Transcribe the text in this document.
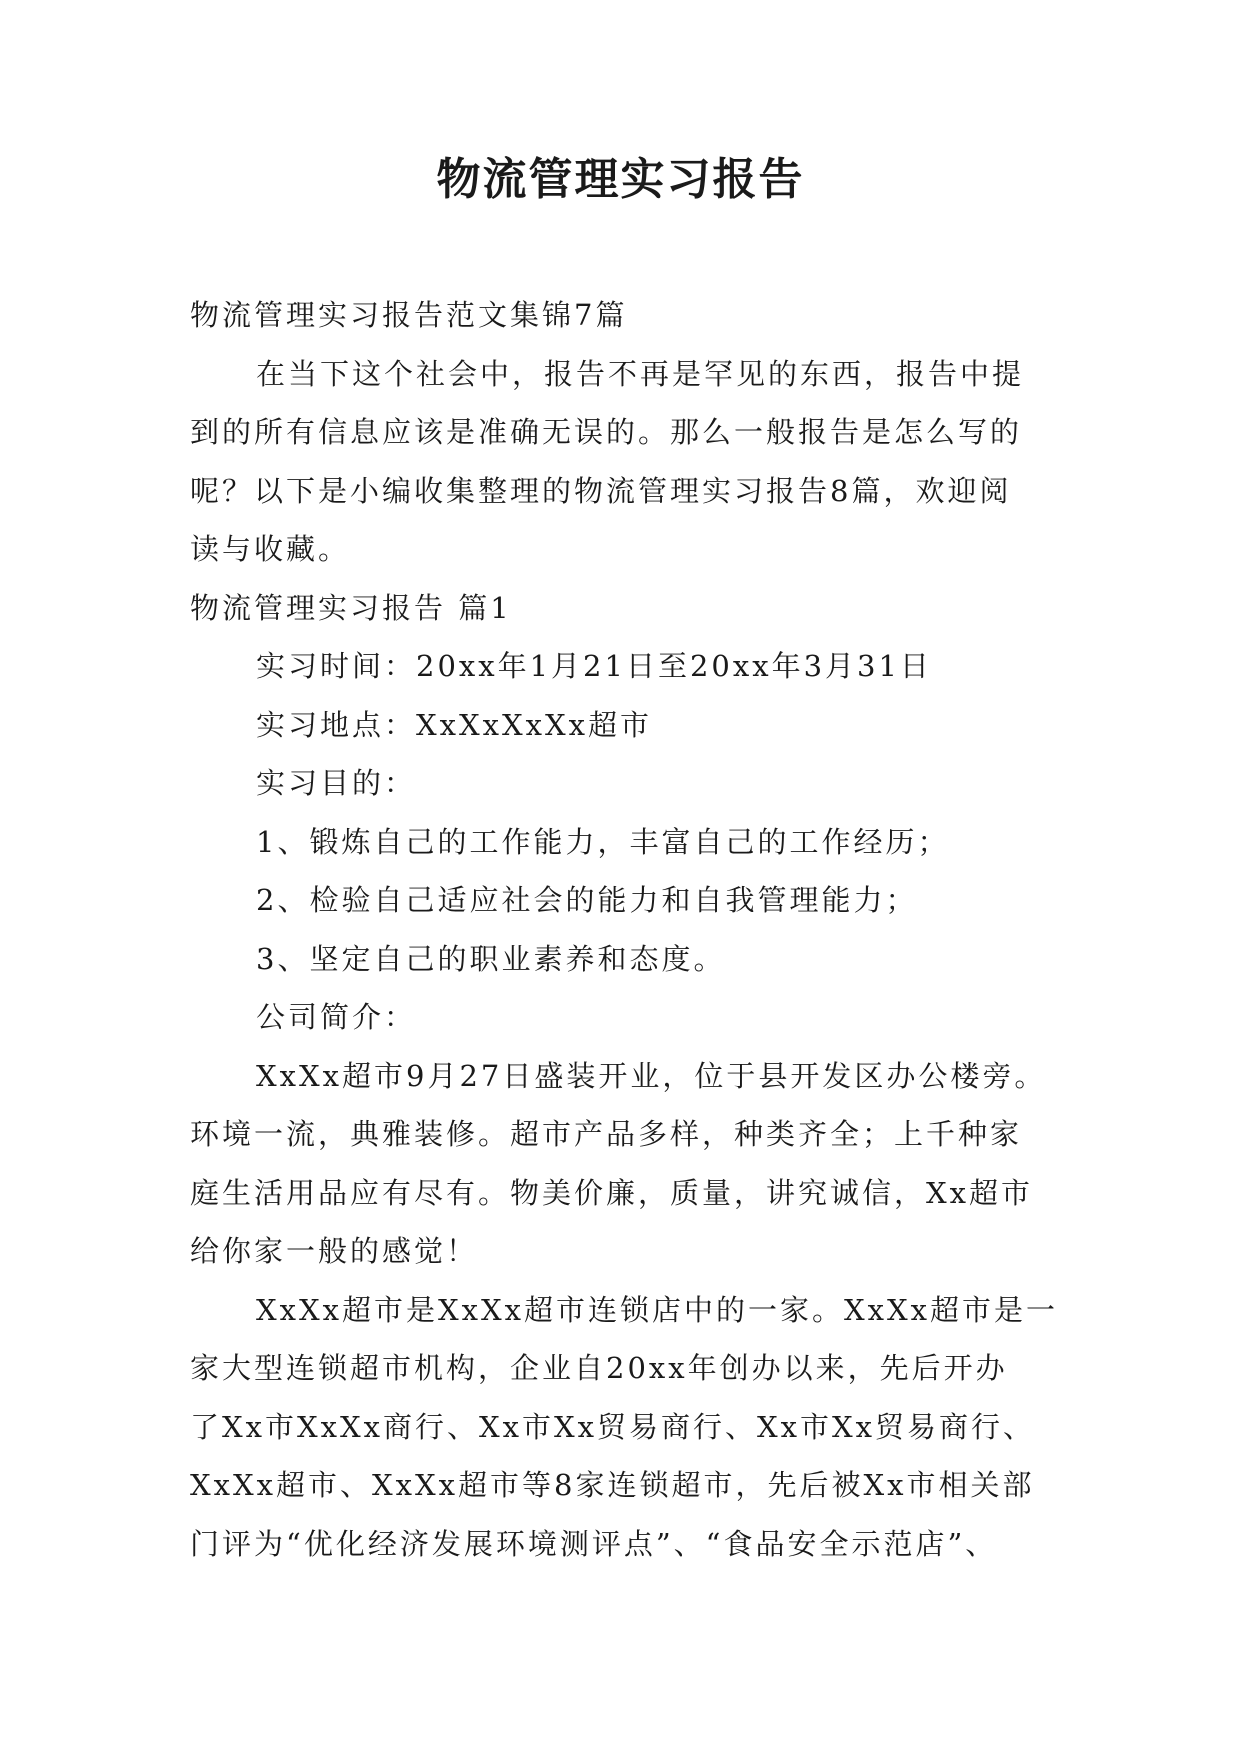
物流管理实习报告

物流管理实习报告范文集锦7篇

在当下这个社会中，报告不再是罕见的东西，报告中提

到的所有信息应该是准确无误的。那么一般报告是怎么写的

呢？以下是小编收集整理的物流管理实习报告8篇，欢迎阅

读与收藏。

物流管理实习报告 篇1

实习时间：20xx年1月21日至20xx年3月31日

实习地点：XxXxXxXx超市

实习目的：

1、锻炼自己的工作能力，丰富自己的工作经历；

2、检验自己适应社会的能力和自我管理能力；

3、坚定自己的职业素养和态度。

公司简介：

XxXx超市9月27日盛装开业，位于县开发区办公楼旁。

环境一流，典雅装修。超市产品多样，种类齐全；上千种家

庭生活用品应有尽有。物美价廉，质量，讲究诚信，Xx超市

给你家一般的感觉！

XxXx超市是XxXx超市连锁店中的一家。XxXx超市是一

家大型连锁超市机构，企业自20xx年创办以来，先后开办

了Xx市XxXx商行、Xx市Xx贸易商行、Xx市Xx贸易商行、

XxXx超市、XxXx超市等8家连锁超市，先后被Xx市相关部

门评为“优化经济发展环境测评点”、“食品安全示范店”、
